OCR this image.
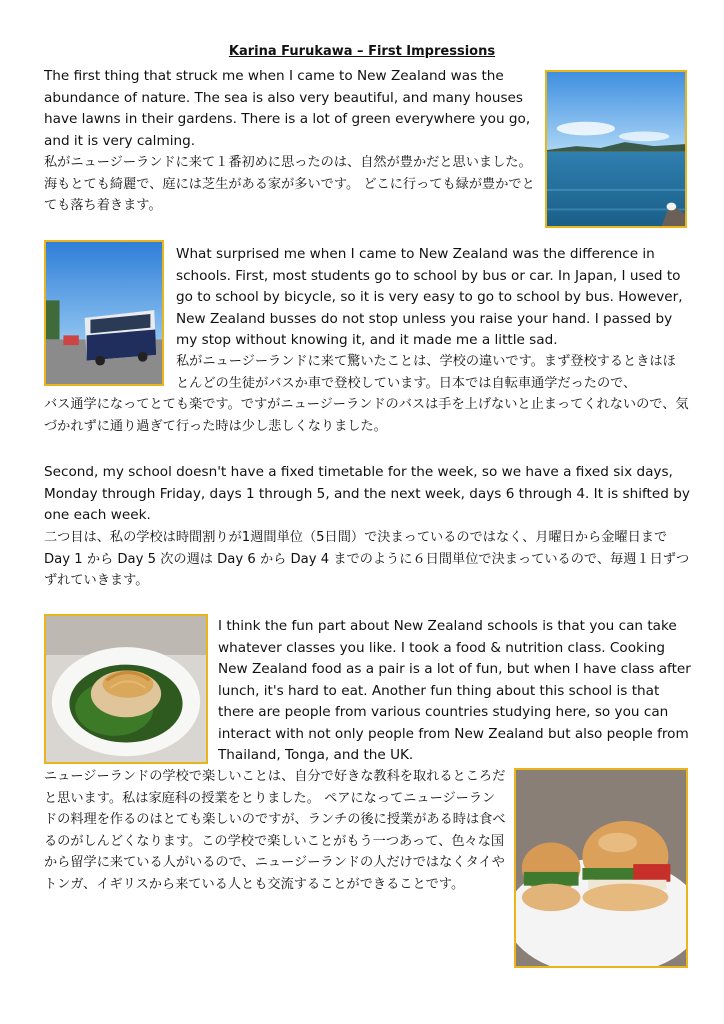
Karina Furukawa – First Impressions

The first thing that struck me when I came to New Zealand was the abundance of nature. The sea is also very beautiful, and many houses have lawns in their gardens. There is a lot of green everywhere you go, and it is very calming.

私がニュージーランドに来て１番初めに思ったのは、自然が豊かだと思いました。海もとても綺麗で、庭には芝生がある家が多いです。 どこに行っても緑が豊かでとても落ち着きます。

What surprised me when I came to New Zealand was the difference in schools. First, most students go to school by bus or car. In Japan, I used to go to school by bicycle, so it is very easy to go to school by bus. However, New Zealand busses do not stop unless you raise your hand. I passed by my stop without knowing it, and it made me a little sad.

私がニュージーランドに来て驚いたことは、学校の違いです。まず登校するときはほとんどの生徒がバスか車で登校しています。日本では自転車通学だったので、

バス通学になってとても楽です。ですがニュージーランドのバスは手を上げないと止まってくれないので、気づかれずに通り過ぎて行った時は少し悲しくなりました。

Second, my school doesn't have a fixed timetable for the week, so we have a fixed six days, Monday through Friday, days 1 through 5, and the next week, days 6 through 4. It is shifted by one each week.

二つ目は、私の学校は時間割りが1週間単位（5日間）で決まっているのではなく、月曜日から金曜日まで Day 1 から Day 5 次の週は Day 6 から Day 4 までのように６日間単位で決まっているので、毎週１日ずつずれていきます。

I think the fun part about New Zealand schools is that you can take whatever classes you like. I took a food & nutrition class. Cooking New Zealand food as a pair is a lot of fun, but when I have class after lunch, it's hard to eat. Another fun thing about this school is that there are people from various countries studying here, so you can interact with not only people from New Zealand but also people from Thailand, Tonga, and the UK.

ニュージーランドの学校で楽しいことは、自分で好きな教科を取れるところだと思います。私は家庭科の授業をとりました。 ペアになってニュージーランドの料理を作るのはとても楽しいのですが、ランチの後に授業がある時は食べるのがしんどくなります。この学校で楽しいことがもう一つあって、色々な国から留学に来ている人がいるので、ニュージーランドの人だけではなくタイやトンガ、イギリスから来ている人とも交流することができることです。
